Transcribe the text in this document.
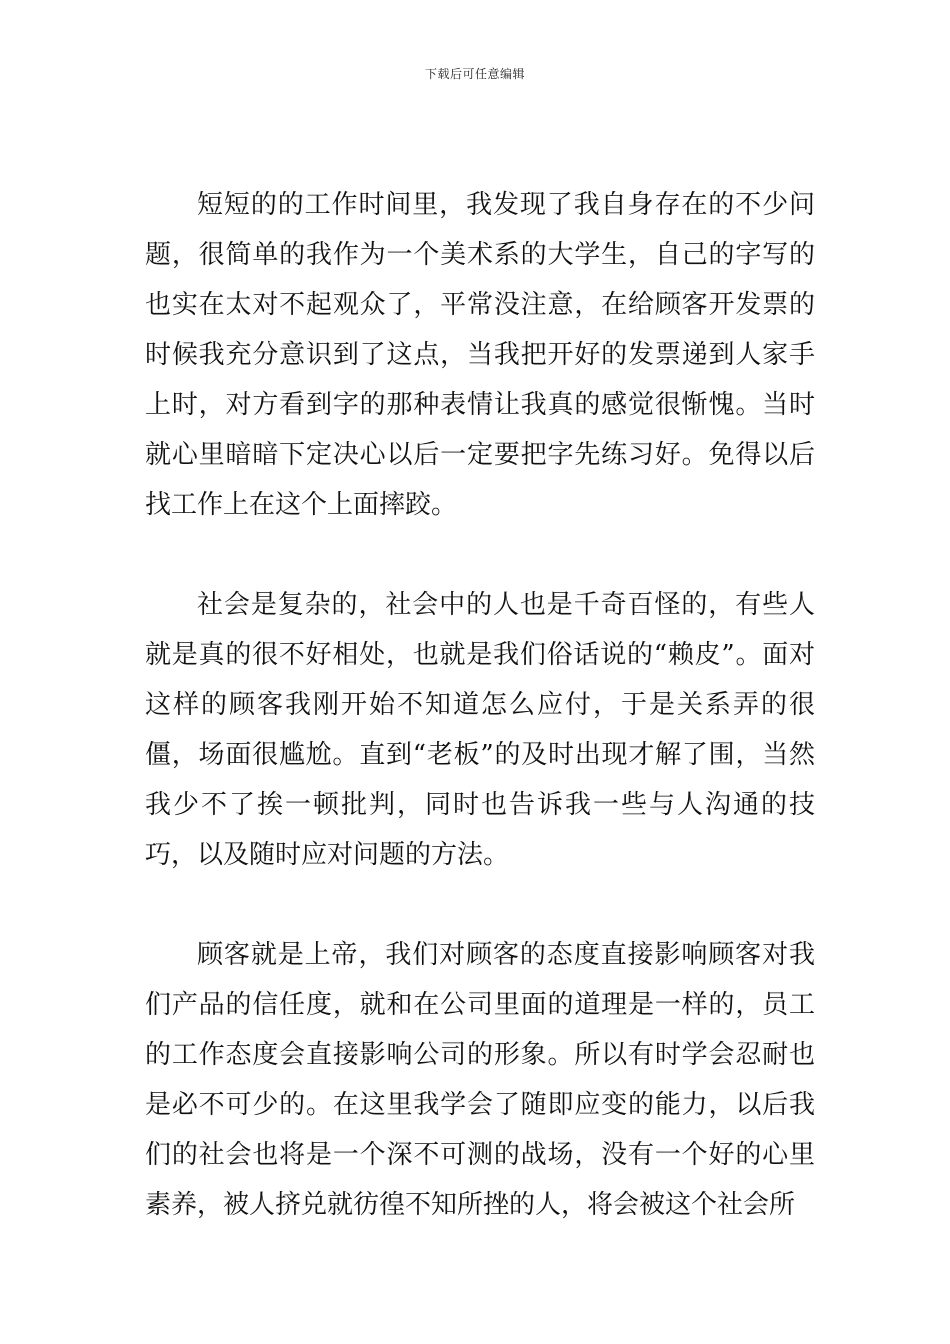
下载后可任意编辑

短短的的工作时间里，我发现了我自身存在的不少问题，很简单的我作为一个美术系的大学生，自己的字写的也实在太对不起观众了，平常没注意，在给顾客开发票的时候我充分意识到了这点，当我把开好的发票递到人家手上时，对方看到字的那种表情让我真的感觉很惭愧。当时就心里暗暗下定决心以后一定要把字先练习好。免得以后找工作上在这个上面摔跤。

社会是复杂的，社会中的人也是千奇百怪的，有些人就是真的很不好相处，也就是我们俗话说的“赖皮”。面对这样的顾客我刚开始不知道怎么应付，于是关系弄的很僵，场面很尴尬。直到“老板”的及时出现才解了围，当然我少不了挨一顿批判，同时也告诉我一些与人沟通的技巧，以及随时应对问题的方法。

顾客就是上帝，我们对顾客的态度直接影响顾客对我们产品的信任度，就和在公司里面的道理是一样的，员工的工作态度会直接影响公司的形象。所以有时学会忍耐也是必不可少的。在这里我学会了随即应变的能力，以后我们的社会也将是一个深不可测的战场，没有一个好的心里素养，被人挤兑就彷徨不知所挫的人，将会被这个社会所
